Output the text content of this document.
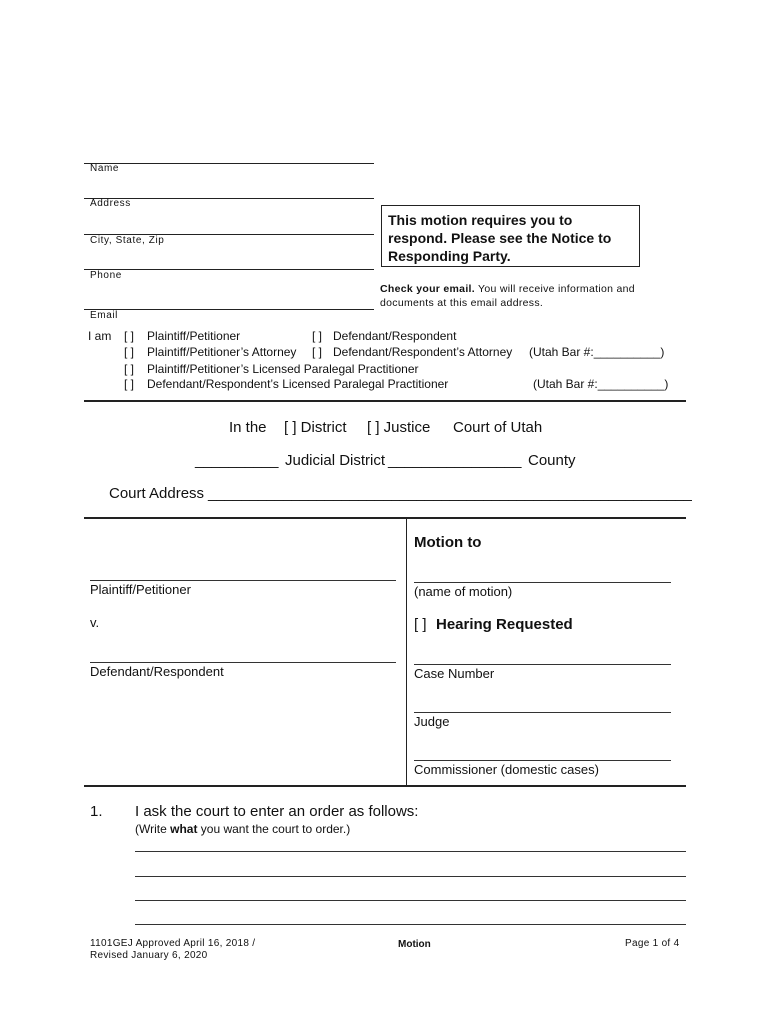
Name
Address
City, State, Zip
Phone
Email
This motion requires you to respond. Please see the Notice to Responding Party.
Check your email. You will receive information and documents at this email address.
I am [ ] Plaintiff/Petitioner	[ ] Defendant/Respondent
[ ] Plaintiff/Petitioner’s Attorney [ ] Defendant/Respondent’s Attorney (Utah Bar #:__________)
[ ] Plaintiff/Petitioner’s Licensed Paralegal Practitioner
[ ] Defendant/Respondent’s Licensed Paralegal Practitioner	(Utah Bar #:__________)
In the [ ] District [ ] Justice Court of Utah
__________ Judicial District ________________ County
Court Address __________________________________________________________
Plaintiff/Petitioner
v.
Defendant/Respondent
Motion to
(name of motion)
[ ] Hearing Requested
Case Number
Judge
Commissioner (domestic cases)
1. I ask the court to enter an order as follows:
(Write what you want the court to order.)
1101GEJ Approved April 16, 2018 /
Revised January 6, 2020
Motion	Page 1 of 4
